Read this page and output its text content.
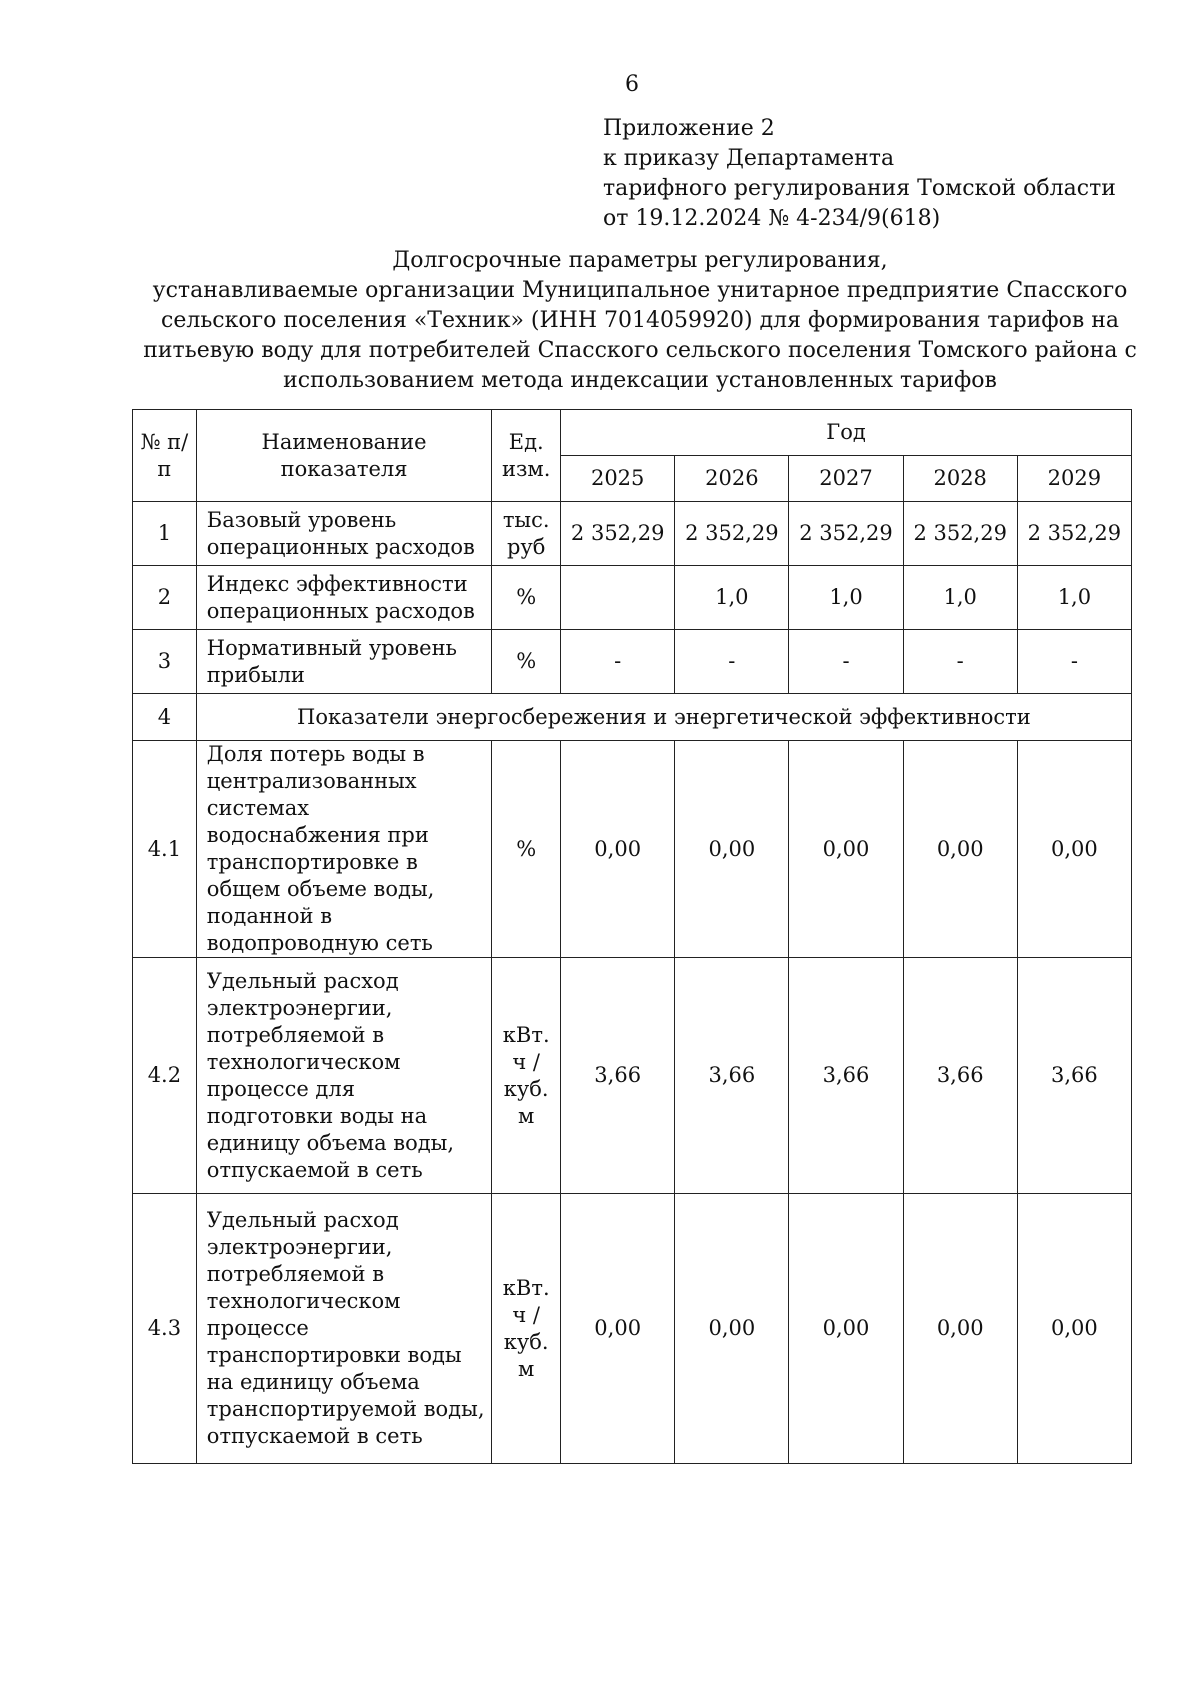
6
Приложение 2
к приказу Департамента
тарифного регулирования Томской области
от 19.12.2024 № 4-234/9(618)
Долгосрочные параметры регулирования,
устанавливаемые организации Муниципальное унитарное предприятие Спасского
сельского поселения «Техник» (ИНН 7014059920) для формирования тарифов на
питьевую воду для потребителей Спасского сельского поселения Томского района с
использованием метода индексации установленных тарифов
№ п/п	Наименование показателя	Ед. изм.	Год				
			2025	2026	2027	2028	2029
1	Базовый уровень операционных расходов	тыс. руб	2 352,29	2 352,29	2 352,29	2 352,29	2 352,29
2	Индекс эффективности операционных расходов	%		1,0	1,0	1,0	1,0
3	Нормативный уровень прибыли	%	-	-	-	-	-
4	Показатели энергосбережения и энергетической эффективности						
4.1	Доля потерь воды в централизованных системах водоснабжения при транспортировке в общем объеме воды, поданной в водопроводную сеть	%	0,00	0,00	0,00	0,00	0,00
4.2	Удельный расход электроэнергии, потребляемой в технологическом процессе для подготовки воды на единицу объема воды, отпускаемой в сеть	кВт. ч / куб. м	3,66	3,66	3,66	3,66	3,66
4.3	Удельный расход электроэнергии, потребляемой в технологическом процессе транспортировки воды на единицу объема транспортируемой воды, отпускаемой в сеть	кВт. ч / куб. м	0,00	0,00	0,00	0,00	0,00
